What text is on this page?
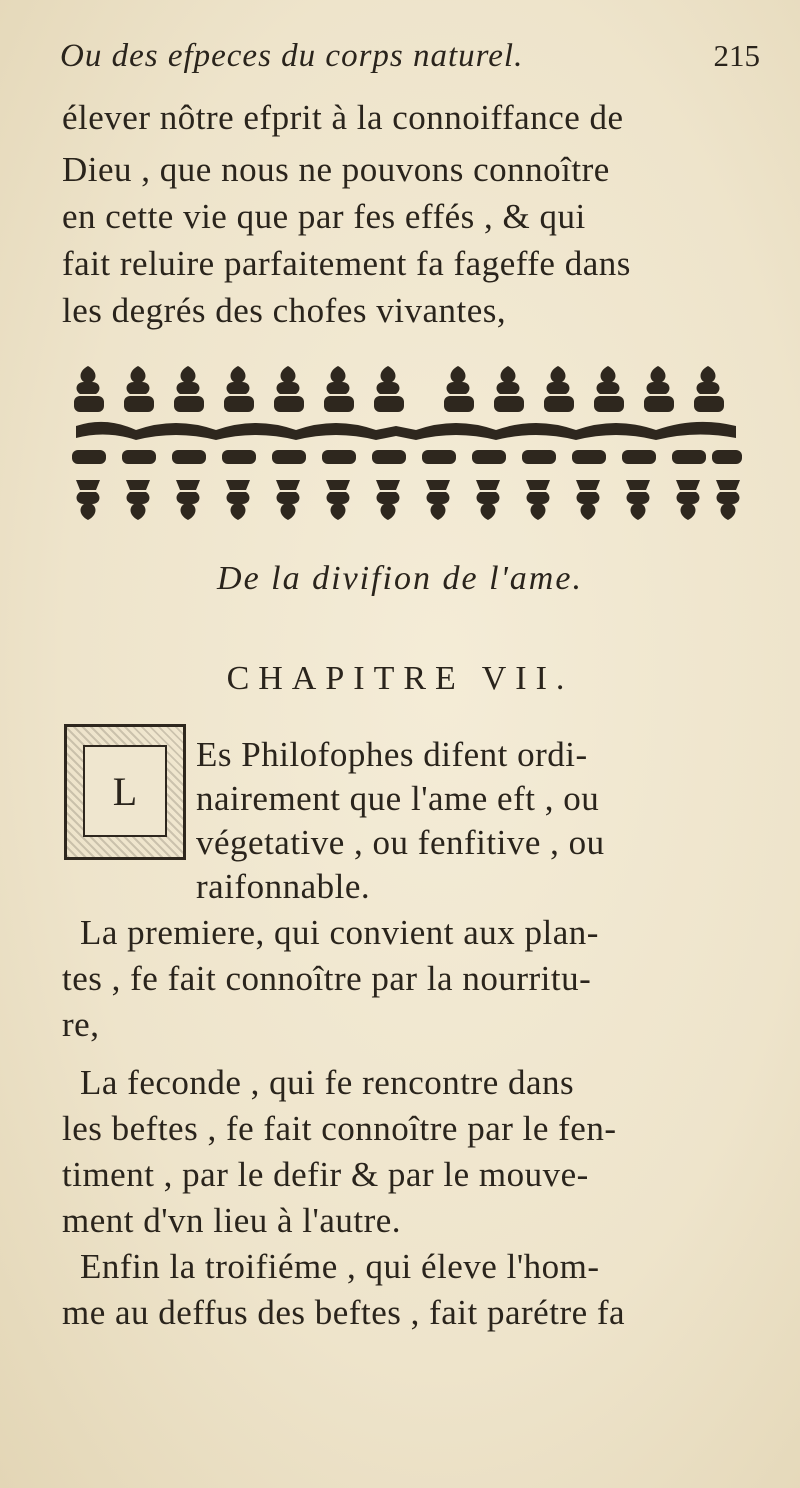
Ou des efpeces du corps naturel.	215
élever nôtre efprit à la connoiffance de
Dieu , que nous ne pouvons connoître
en cette vie que par fes effés , & qui
fait reluire parfaitement fa fageffe dans
les degrés des chofes vivantes,
De la divifion de l'ame.
CHAPITRE VII.
L
Es Philofophes difent ordi-
nairement que l'ame eft , ou
végetative , ou fenfitive , ou
raifonnable.
La premiere, qui convient aux plan-
tes , fe fait connoître par la nourritu-
re,
La feconde , qui fe rencontre dans
les beftes , fe fait connoître par le fen-
timent , par le defir & par le mouve-
ment d'vn lieu à l'autre.
Enfin la troifiéme , qui éleve l'hom-
me au deffus des beftes , fait parétre fa
